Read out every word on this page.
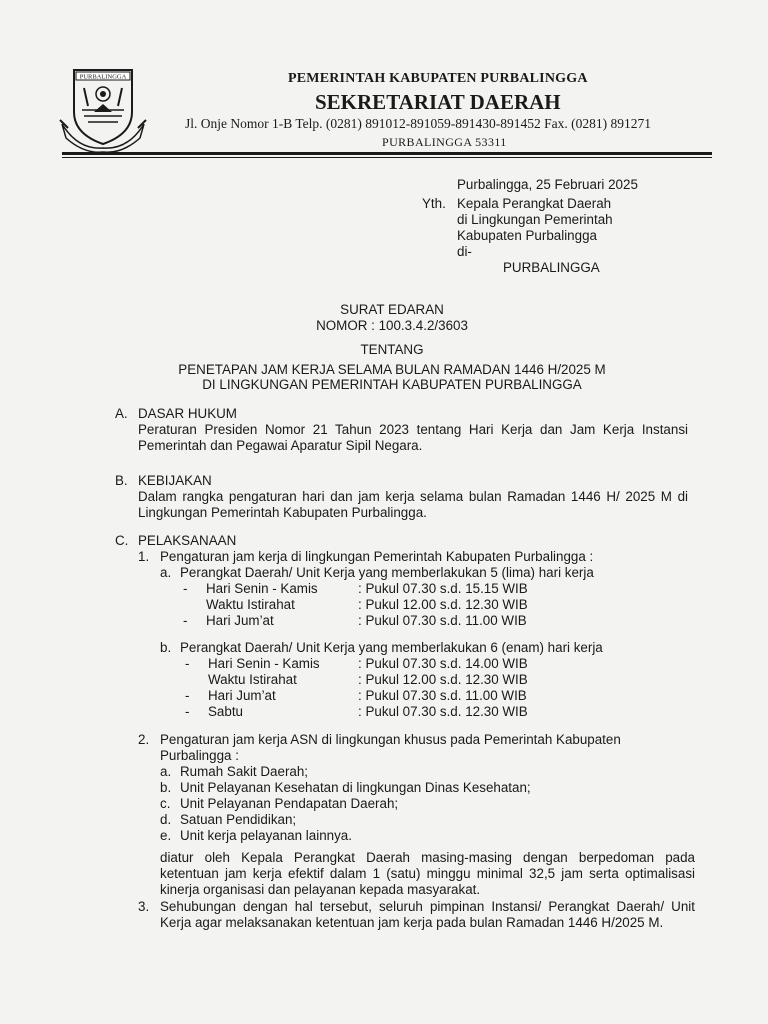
PURBALINGGA	PEMERINTAH KABUPATEN PURBALINGGA
SEKRETARIAT DAERAH
Jl. Onje Nomor 1-B Telp. (0281) 891012-891059-891430-891452 Fax. (0281) 891271
PURBALINGGA 53311
Purbalingga, 25 Februari 2025
Yth. Kepala Perangkat Daerah
di Lingkungan Pemerintah
Kabupaten Purbalingga
di-
PURBALINGGA
SURAT EDARAN
NOMOR : 100.3.4.2/3603
TENTANG
PENETAPAN JAM KERJA SELAMA BULAN RAMADAN 1446 H/2025 M
DI LINGKUNGAN PEMERINTAH KABUPATEN PURBALINGGA
A. DASAR HUKUM
Peraturan Presiden Nomor 21 Tahun 2023 tentang Hari Kerja dan Jam Kerja Instansi Pemerintah dan Pegawai Aparatur Sipil Negara.
B. KEBIJAKAN
Dalam rangka pengaturan hari dan jam kerja selama bulan Ramadan 1446 H/ 2025 M di Lingkungan Pemerintah Kabupaten Purbalingga.
C. PELAKSANAAN
1. Pengaturan jam kerja di lingkungan Pemerintah Kabupaten Purbalingga :
a. Perangkat Daerah/ Unit Kerja yang memberlakukan 5 (lima) hari kerja
- Hari Senin - Kamis	: Pukul 07.30 s.d. 15.15 WIB
Waktu Istirahat	: Pukul 12.00 s.d. 12.30 WIB
- Hari Jum’at	: Pukul 07.30 s.d. 11.00 WIB
b. Perangkat Daerah/ Unit Kerja yang memberlakukan 6 (enam) hari kerja
- Hari Senin - Kamis	: Pukul 07.30 s.d. 14.00 WIB
Waktu Istirahat	: Pukul 12.00 s.d. 12.30 WIB
- Hari Jum’at	: Pukul 07.30 s.d. 11.00 WIB
- Sabtu	: Pukul 07.30 s.d. 12.30 WIB
2. Pengaturan jam kerja ASN di lingkungan khusus pada Pemerintah Kabupaten
Purbalingga :
a. Rumah Sakit Daerah;
b. Unit Pelayanan Kesehatan di lingkungan Dinas Kesehatan;
c. Unit Pelayanan Pendapatan Daerah;
d. Satuan Pendidikan;
e. Unit kerja pelayanan lainnya.
diatur oleh Kepala Perangkat Daerah masing-masing dengan berpedoman pada ketentuan jam kerja efektif dalam 1 (satu) minggu minimal 32,5 jam serta optimalisasi kinerja organisasi dan pelayanan kepada masyarakat.
3. Sehubungan dengan hal tersebut, seluruh pimpinan Instansi/ Perangkat Daerah/ Unit Kerja agar melaksanakan ketentuan jam kerja pada bulan Ramadan 1446 H/2025 M.
